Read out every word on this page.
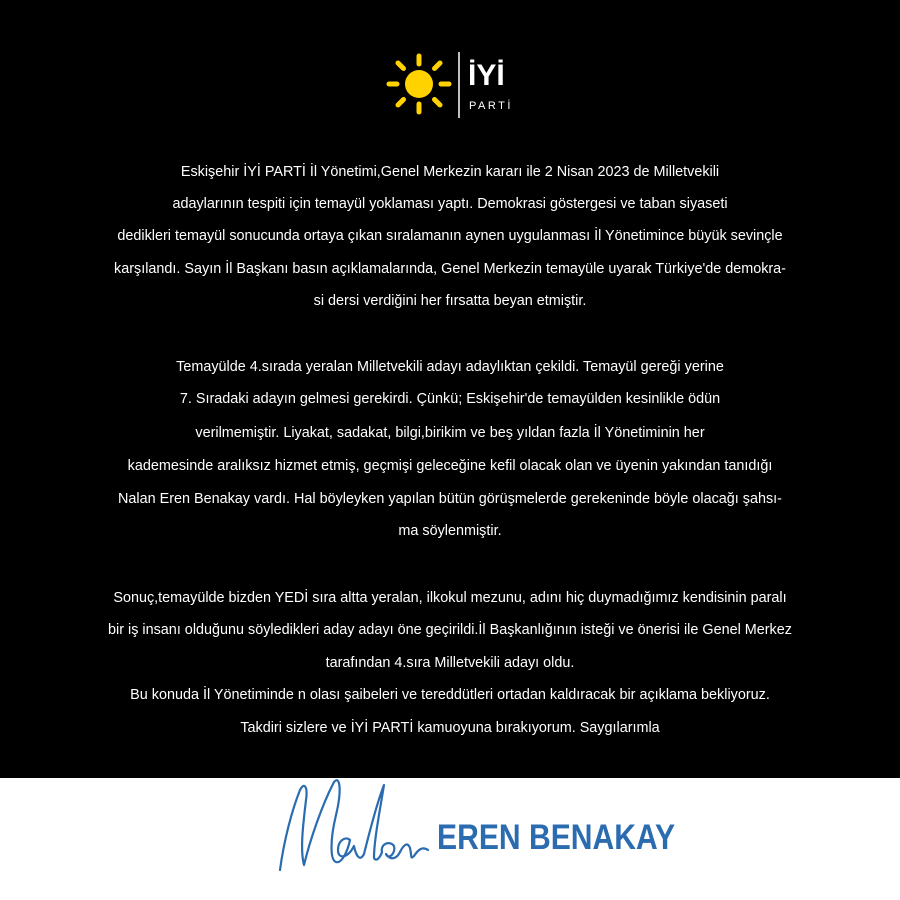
İYİ
PARTİ
Eskişehir İYİ PARTİ İl Yönetimi,Genel Merkezin kararı ile 2 Nisan 2023 de Milletvekili
adaylarının tespiti için temayül yoklaması yaptı. Demokrasi göstergesi ve taban siyaseti
dedikleri temayül sonucunda ortaya çıkan sıralamanın aynen uygulanması İl Yönetimince büyük sevinçle
karşılandı. Sayın İl Başkanı basın açıklamalarında, Genel Merkezin temayüle uyarak Türkiye'de demokra-
si dersi verdiğini her fırsatta beyan etmiştir.
Temayülde 4.sırada yeralan Milletvekili adayı adaylıktan çekildi. Temayül gereği yerine
7. Sıradaki adayın gelmesi gerekirdi. Çünkü; Eskişehir'de temayülden kesinlikle ödün
verilmemiştir. Liyakat, sadakat, bilgi,birikim ve beş yıldan fazla İl Yönetiminin her
kademesinde aralıksız hizmet etmiş, geçmişi geleceğine kefil olacak olan ve üyenin yakından tanıdığı
Nalan Eren Benakay vardı. Hal böyleyken yapılan bütün görüşmelerde gerekeninde böyle olacağı şahsı-
ma söylenmiştir.
Sonuç,temayülde bizden YEDİ sıra altta yeralan, ilkokul mezunu, adını hiç duymadığımız kendisinin paralı
bir iş insanı olduğunu söyledikleri aday adayı öne geçirildi.İl Başkanlığının isteği ve önerisi ile Genel Merkez
tarafından 4.sıra Milletvekili adayı oldu.
Bu konuda İl Yönetiminde n olası şaibeleri ve tereddütleri ortadan kaldıracak bir açıklama bekliyoruz.
Takdiri sizlere ve İYİ PARTİ kamuoyuna bırakıyorum. Saygılarımla
EREN BENAKAY
